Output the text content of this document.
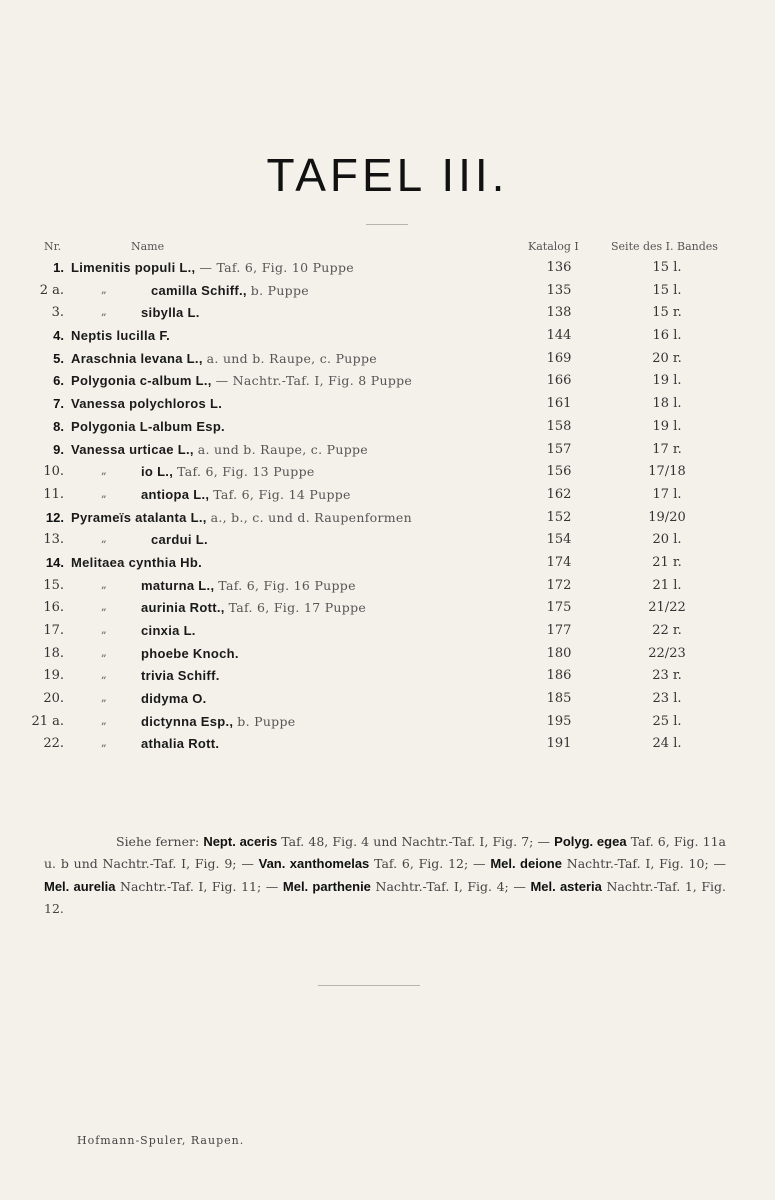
TAFEL III.
Nr.	Name	Katalog I	Seite des I. Bandes
1. Limenitis populi L., — Taf. 6, Fig. 10 Puppe	136	15 l.
2 a.	„	camilla Schiff., b. Puppe	135	15 l.
3.	„	sibylla L.	138	15 r.
4. Neptis lucilla F.	144	16 l.
5. Araschnia levana L., a. und b. Raupe, c. Puppe	169	20 r.
6. Polygonia c-album L., — Nachtr.-Taf. I, Fig. 8 Puppe	166	19 l.
7. Vanessa polychloros L.	161	18 l.
8. Polygonia L-album Esp.	158	19 l.
9. Vanessa urticae L., a. und b. Raupe, c. Puppe	157	17 r.
10.	„	io L., Taf. 6, Fig. 13 Puppe	156	17/18
11.	„	antiopa L., Taf. 6, Fig. 14 Puppe	162	17 l.
12. Pyrameïs atalanta L., a., b., c. und d. Raupenformen	152	19/20
13.	„	cardui L.	154	20 l.
14. Melitaea cynthia Hb.	174	21 r.
15.	„	maturna L., Taf. 6, Fig. 16 Puppe	172	21 l.
16.	„	aurinia Rott., Taf. 6, Fig. 17 Puppe	175	21/22
17.	„	cinxia L.	177	22 r.
18.	„	phoebe Knoch.	180	22/23
19.	„	trivia Schiff.	186	23 r.
20.	„	didyma O.	185	23 l.
21 a.	„	dictynna Esp., b. Puppe	195	25 l.
22.	„	athalia Rott.	191	24 l.

Siehe ferner: Nept. aceris Taf. 48, Fig. 4 und Nachtr.-Taf. I, Fig. 7; — Polyg. egea Taf. 6, Fig. 11a u. b und Nachtr.-Taf. I, Fig. 9; — Van. xanthomelas Taf. 6, Fig. 12; — Mel. deione Nachtr.-Taf. I, Fig. 10; — Mel. aurelia Nachtr.-Taf. I, Fig. 11; — Mel. parthenie Nachtr.-Taf. I, Fig. 4; — Mel. asteria Nachtr.-Taf. 1, Fig. 12.

Hofmann-Spuler, Raupen.
